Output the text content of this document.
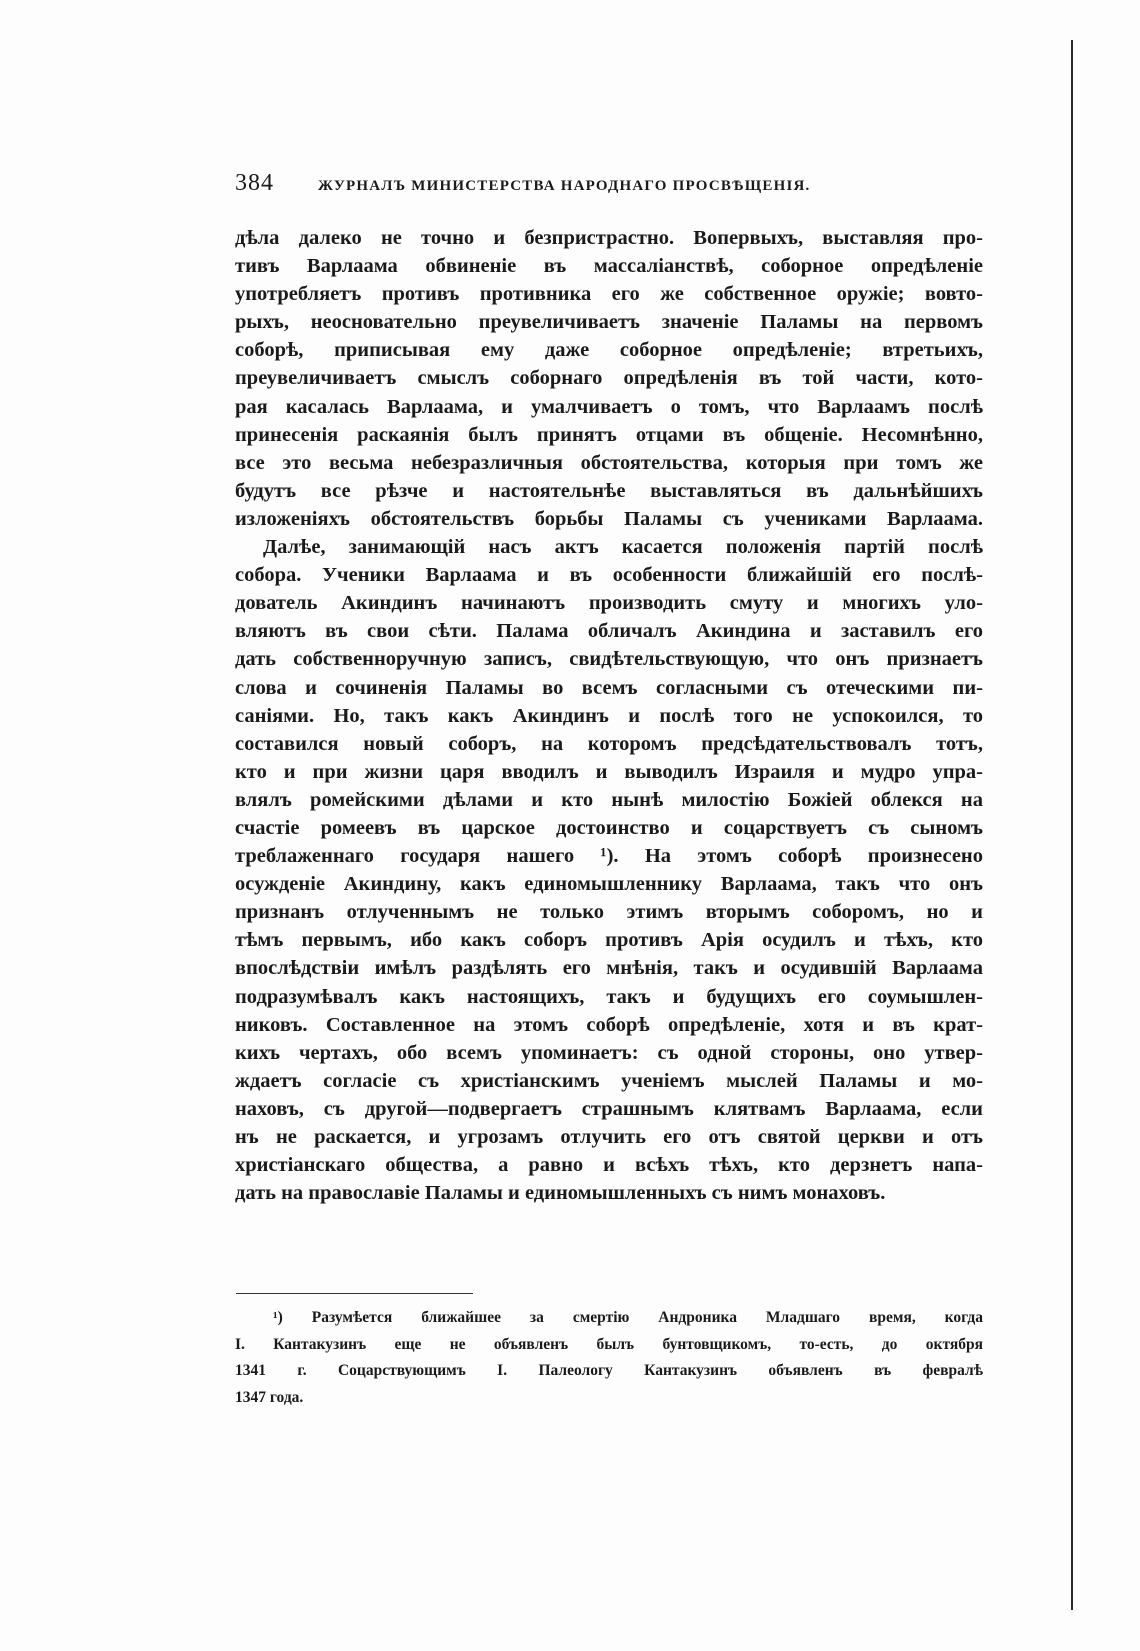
384	ЖУРНАЛЪ МИНИСТЕРСТВА НАРОДНАГО ПРОСВѢЩЕНІЯ.
дѣла далеко не точно и безпристрастно. Вопервыхъ, выставляя про-
тивъ Варлаама обвиненіе въ массаліанствѣ, соборное опредѣленіе
употребляетъ противъ противника его же собственное оружіе; вовто-
рыхъ, неосновательно преувеличиваетъ значеніе Паламы на первомъ
соборѣ, приписывая ему даже соборное опредѣленіе; втретьихъ,
преувеличиваетъ смыслъ соборнаго опредѣленія въ той части, кото-
рая касалась Варлаама, и умалчиваетъ о томъ, что Варлаамъ послѣ
принесенія раскаянія былъ принятъ отцами въ общеніе. Несомнѣнно,
все это весьма небезразличныя обстоятельства, которыя при томъ же
будутъ все рѣзче и настоятельнѣе выставляться въ дальнѣйшихъ
изложеніяхъ обстоятельствъ борьбы Паламы съ учениками Варлаама.
Далѣе, занимающій насъ актъ касается положенія партій послѣ
собора. Ученики Варлаама и въ особенности ближайшій его послѣ-
дователь Акиндинъ начинаютъ производить смуту и многихъ уло-
вляютъ въ свои сѣти. Палама обличалъ Акиндина и заставилъ его
дать собственноручную записъ, свидѣтельствующую, что онъ признаетъ
слова и сочиненія Паламы во всемъ согласными съ отеческими пи-
саніями. Но, такъ какъ Акиндинъ и послѣ того не успокоился, то
составился новый соборъ, на которомъ предсѣдательствовалъ тотъ,
кто и при жизни царя вводилъ и выводилъ Израиля и мудро упра-
влялъ ромейскими дѣлами и кто нынѣ милостію Божіей облекся на
счастіе ромеевъ въ царское достоинство и соцарствуетъ съ сыномъ
треблаженнаго государя нашего ¹). На этомъ соборѣ произнесено
осужденіе Акиндину, какъ единомышленнику Варлаама, такъ что онъ
признанъ отлученнымъ не только этимъ вторымъ соборомъ, но и
тѣмъ первымъ, ибо какъ соборъ противъ Арія осудилъ и тѣхъ, кто
впослѣдствіи имѣлъ раздѣлять его мнѣнія, такъ и осудившій Варлаама
подразумѣвалъ какъ настоящихъ, такъ и будущихъ его соумышлен-
никовъ. Составленное на этомъ соборѣ опредѣленіе, хотя и въ крат-
кихъ чертахъ, обо всемъ упоминаетъ: съ одной стороны, оно утвер-
ждаетъ согласіе съ христіанскимъ ученіемъ мыслей Паламы и мо-
наховъ, съ другой—подвергаетъ страшнымъ клятвамъ Варлаама, если
нъ не раскается, и угрозамъ отлучить его отъ святой церкви и отъ
христіанскаго общества, а равно и всѣхъ тѣхъ, кто дерзнетъ напа-
дать на православіе Паламы и единомышленныхъ съ нимъ монаховъ.
¹) Разумѣется ближайшее за смертію Андроника Младшаго время, когда
І. Кантакузинъ еще не объявленъ былъ бунтовщикомъ, то-есть, до октября
1341 г. Соцарствующимъ І. Палеологу Кантакузинъ объявленъ въ февралѣ
1347 года.
